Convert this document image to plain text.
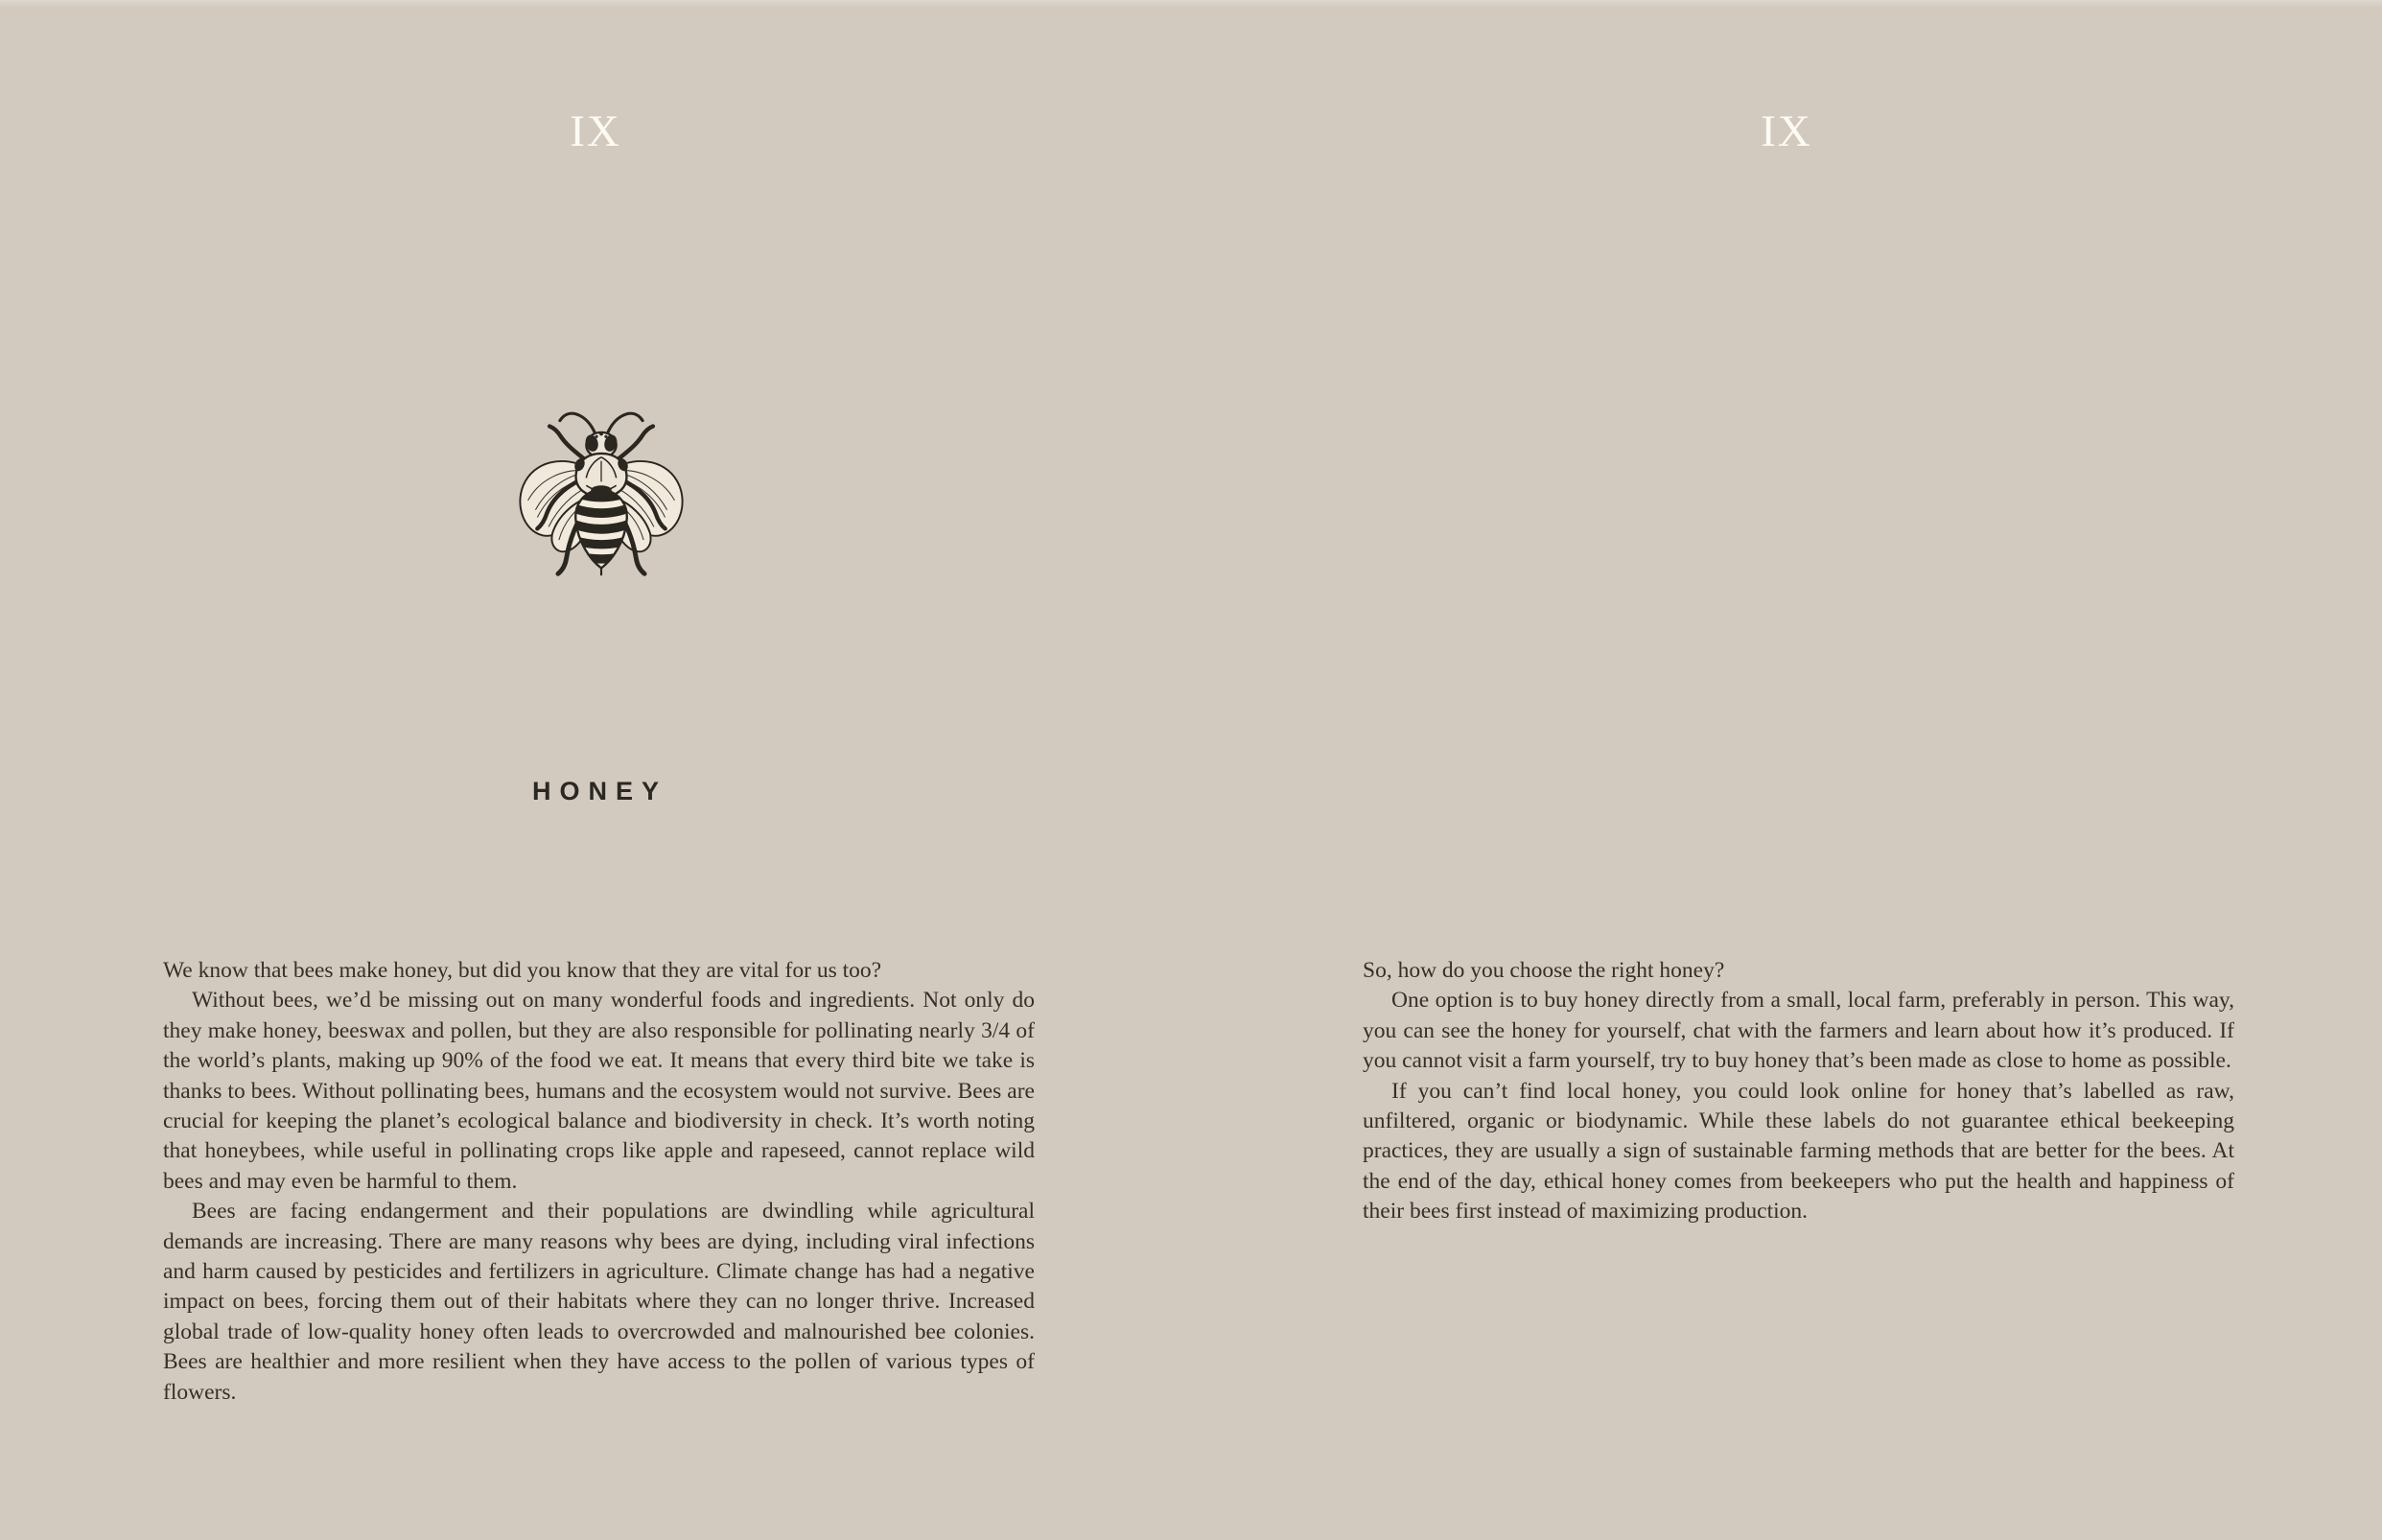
IX
HONEY

We know that bees make honey, but did you know that they are vital for us too?

Without bees, we’d be missing out on many wonderful foods and ingredients. Not only do they make honey, beeswax and pollen, but they are also responsible for pollinating nearly 3/4 of the world’s plants, making up 90% of the food we eat. It means that every third bite we take is thanks to bees. Without pollinating bees, humans and the ecosystem would not survive. Bees are crucial for keeping the planet’s ecological balance and biodiversity in check. It’s worth noting that honeybees, while useful in pollinating crops like apple and rapeseed, cannot replace wild bees and may even be harmful to them.

Bees are facing endangerment and their populations are dwindling while agricultural demands are increasing. There are many reasons why bees are dying, including viral infections and harm caused by pesticides and fertilizers in agriculture. Climate change has had a negative impact on bees, forcing them out of their habitats where they can no longer thrive. Increased global trade of low-quality honey often leads to overcrowded and malnourished bee colonies. Bees are healthier and more resilient when they have access to the pollen of various types of flowers.

IX

So, how do you choose the right honey?

One option is to buy honey directly from a small, local farm, preferably in person. This way, you can see the honey for yourself, chat with the farmers and learn about how it’s produced. If you cannot visit a farm yourself, try to buy honey that’s been made as close to home as possible.

If you can’t find local honey, you could look online for honey that’s labelled as raw, unfiltered, organic or biodynamic. While these labels do not guarantee ethical beekeeping practices, they are usually a sign of sustainable farming methods that are better for the bees. At the end of the day, ethical honey comes from beekeepers who put the health and happiness of their bees first instead of maximizing production.
